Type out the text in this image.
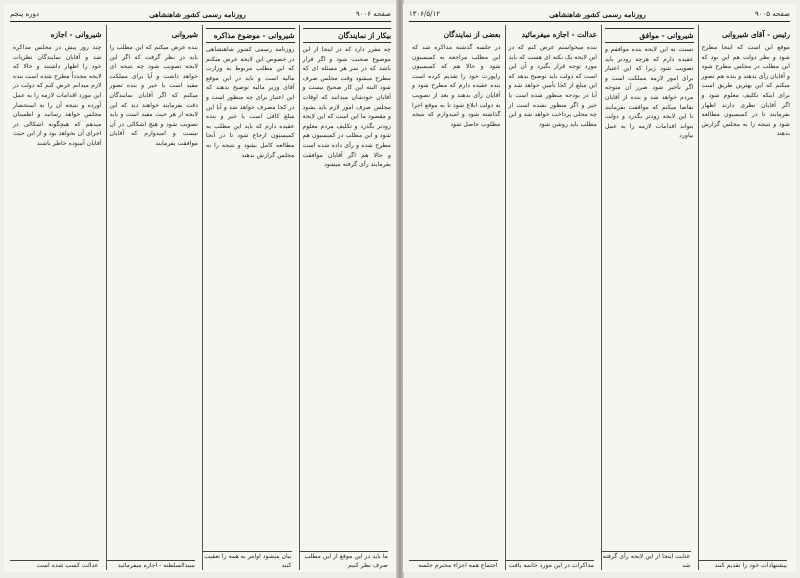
صفحه ۹۰۰۶
روزنامه رسمی کشور شاهنشاهی
دوره پنجم
بیکار از نمایندگان
چه مقرر دارد که در اینجا از این موضوع صحبت شود و اگر قرار باشد که در سر هر مسئله ای که مطرح میشود وقت مجلس صرف شود البته این کار صحیح نیست و آقایان خودشان میدانند که اوقات مجلس صرف امور لازم باید بشود و مقصود ما این است که این لایحه زودتر بگذرد و تکلیف مردم معلوم شود و این مطلب در کمیسیون هم مطرح شده و رأی داده شده است و حالا هم اگر آقایان موافقت بفرمایند رأی گرفته میشود
ما باید در این موقع از این مطلب صرف نظر کنیم
شیروانی - موضوع مذاکره
روزنامه رسمی کشور شاهنشاهی در خصوص این لایحه عرض میکنم که این مطلب مربوط به وزارت مالیه است و باید در این موقع آقای وزیر مالیه توضیح بدهند که این اعتبار برای چه منظور است و در کجا مصرف خواهد شد و آیا این مبلغ کافی است یا خیر و بنده عقیده دارم که باید این مطلب به کمیسیون ارجاع شود تا در آنجا مطالعه کامل بشود و نتیجه را به مجلس گزارش بدهند
بیان میشود اوامر به همه را تعقیب کنند
شیروانی
بنده عرض میکنم که این مطلب را باید در نظر گرفت که اگر این لایحه تصویب شود چه نتیجه ای خواهد داشت و آیا برای مملکت مفید است یا خیر و بنده تصور میکنم که اگر آقایان نمایندگان دقت بفرمایند خواهند دید که این لایحه از هر حیث مفید است و باید تصویب شود و هیچ اشکالی در آن نیست و امیدوارم که آقایان موافقت بفرمایند
سیدالسلطنه - اجازه میفرمائید
شیروانی - اجازه
چند روز پیش در مجلس مذاکره شد و آقایان نمایندگان نظریات خود را اظهار داشتند و حالا که لایحه مجدداً مطرح شده است بنده لازم میدانم عرض کنم که دولت در این مورد اقدامات لازمه را به عمل آورده و نتیجه آن را به استحضار مجلس خواهد رسانید و اطمینان میدهم که هیچگونه اشکالی در اجرای آن نخواهد بود و از این حیث آقایان آسوده خاطر باشند
عدالت کسب شده است
صفحه ۹۰۰۵
روزنامه رسمی کشور شاهنشاهی
۱۳۰۶/۵/۱۲
رئیس - آقای شیروانی
موقع این است که اینجا مطرح شود و نظر دولت هم این بود که این مطلب در مجلس مطرح شود و آقایان رأی بدهند و بنده هم تصور میکنم که این بهترین طریق است برای اینکه تکلیف معلوم شود و اگر آقایان نظری دارند اظهار بفرمایند تا در کمیسیون مطالعه شود و نتیجه را به مجلس گزارش بدهند
پیشنهادات خود را تقدیم کنند
شیروانی - موافق
نسبت به این لایحه بنده موافقم و عقیده دارم که هرچه زودتر باید تصویب شود زیرا که این اعتبار برای امور لازمه مملکت است و اگر تأخیر شود ضرر آن متوجه مردم خواهد شد و بنده از آقایان تقاضا میکنم که موافقت بفرمایند تا این لایحه زودتر بگذرد و دولت بتواند اقدامات لازمه را به عمل بیاورد
عنایت اینجا از این لایحه رأی گرفته شد
عدالت - اجازه میفرمائید
بنده میخواستم عرض کنم که در این لایحه یک نکته ای هست که باید مورد توجه قرار بگیرد و آن این است که دولت باید توضیح بدهد که این مبلغ از کجا تأمین خواهد شد و آیا در بودجه منظور شده است یا خیر و اگر منظور نشده است از چه محلی پرداخت خواهد شد و این مطلب باید روشن شود
مذاکرات در این مورد خاتمه یافت
بعضی از نمایندگان
در جلسه گذشته مذاکره شد که این مطلب مراجعه به کمیسیون شود و حالا هم که کمیسیون راپورت خود را تقدیم کرده است بنده عقیده دارم که مطرح شود و آقایان رأی بدهند و بعد از تصویب به دولت ابلاغ شود تا به موقع اجرا گذاشته شود و امیدوارم که نتیجه مطلوب حاصل شود
اجتماع همه اجزاء محترم جلسه
